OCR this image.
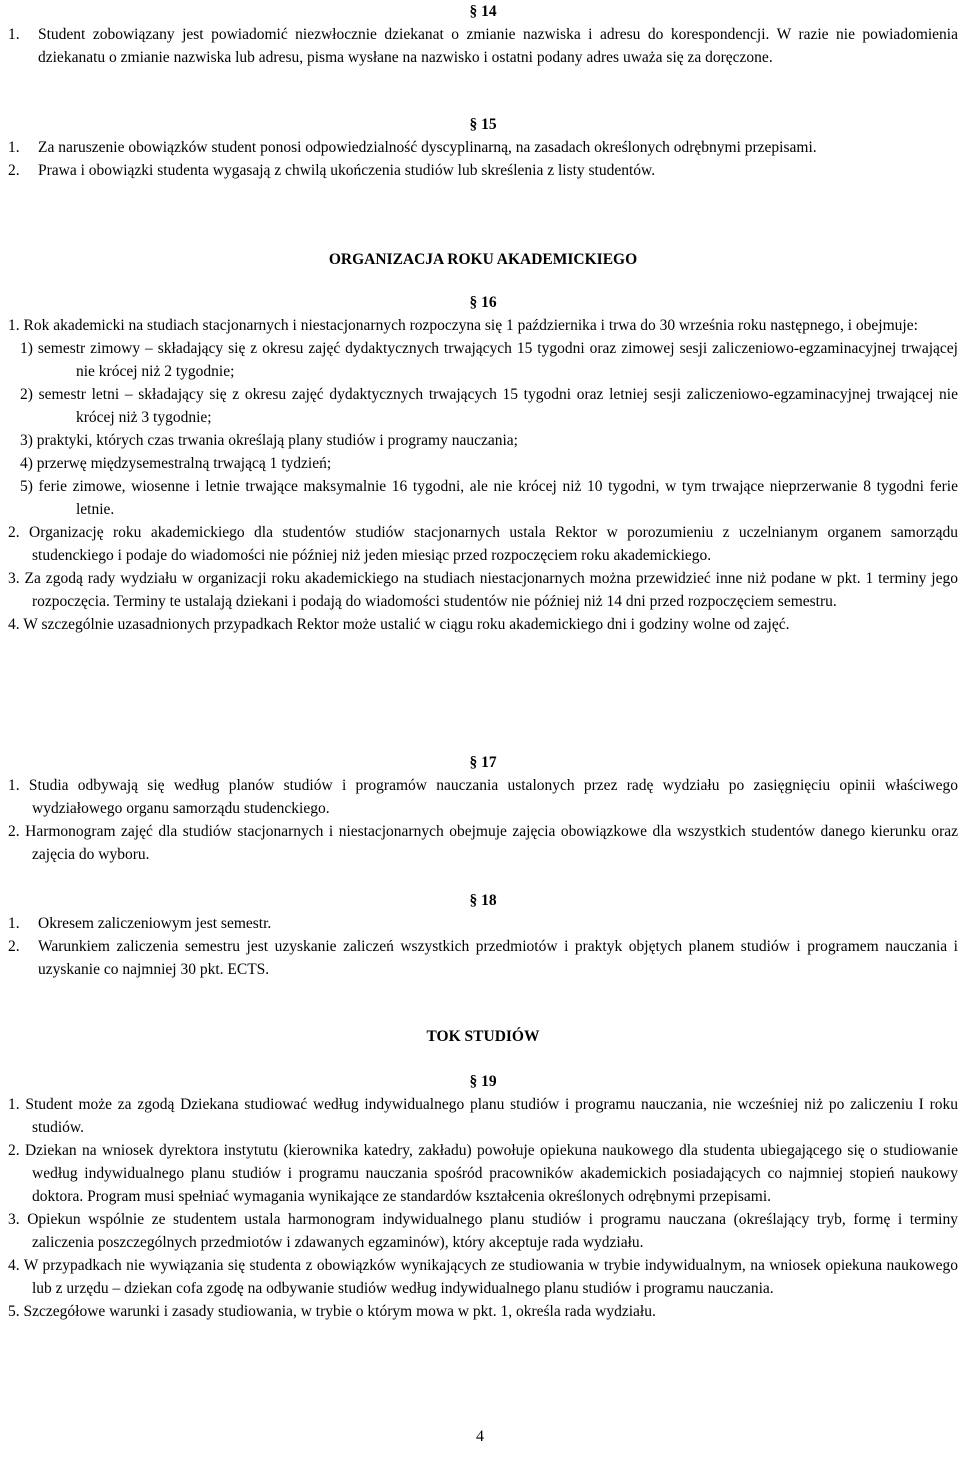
§ 14
1.	Student zobowiązany jest powiadomić niezwłocznie dziekanat o zmianie nazwiska i adresu do korespondencji. W razie nie powiadomienia dziekanatu o zmianie nazwiska lub adresu, pisma wysłane na nazwisko i ostatni podany adres uważa się za doręczone.
§ 15
1.	Za naruszenie obowiązków student ponosi odpowiedzialność dyscyplinarną, na zasadach określonych odrębnymi przepisami.
2.	Prawa i obowiązki studenta wygasają z chwilą ukończenia studiów lub skreślenia z listy studentów.
ORGANIZACJA ROKU AKADEMICKIEGO
§ 16
1. Rok akademicki na studiach stacjonarnych i niestacjonarnych rozpoczyna się 1 października i trwa do 30 września roku następnego, i obejmuje:
1) semestr zimowy – składający się z okresu zajęć dydaktycznych trwających 15 tygodni oraz zimowej sesji zaliczeniowo-egzaminacyjnej trwającej nie krócej niż 2 tygodnie;
2) semestr letni – składający się z okresu zajęć dydaktycznych trwających 15 tygodni oraz letniej sesji zaliczeniowo-egzaminacyjnej trwającej nie krócej niż 3 tygodnie;
3) praktyki, których czas trwania określają plany studiów i programy nauczania;
4) przerwę międzysemestralną trwającą 1 tydzień;
5) ferie zimowe, wiosenne i letnie trwające maksymalnie 16 tygodni, ale nie krócej niż 10 tygodni, w tym trwające nieprzerwanie 8 tygodni ferie letnie.
2. Organizację roku akademickiego dla studentów studiów stacjonarnych ustala Rektor w porozumieniu z uczelnianym organem samorządu studenckiego i podaje do wiadomości nie później niż jeden miesiąc przed rozpoczęciem roku akademickiego.
3. Za zgodą rady wydziału w organizacji roku akademickiego na studiach niestacjonarnych można przewidzieć inne niż podane w pkt. 1 terminy jego rozpoczęcia. Terminy te ustalają dziekani i podają do wiadomości studentów nie później niż 14 dni przed rozpoczęciem semestru.
4. W szczególnie uzasadnionych przypadkach Rektor może ustalić w ciągu roku akademickiego dni i godziny wolne od zajęć.
§ 17
1. Studia odbywają się według planów studiów i programów nauczania ustalonych przez radę wydziału po zasięgnięciu opinii właściwego wydziałowego organu samorządu studenckiego.
2. Harmonogram zajęć dla studiów stacjonarnych i niestacjonarnych obejmuje zajęcia obowiązkowe dla wszystkich studentów danego kierunku oraz zajęcia do wyboru.
§ 18
1.	Okresem zaliczeniowym jest semestr.
2.	Warunkiem zaliczenia semestru jest uzyskanie zaliczeń wszystkich przedmiotów i praktyk objętych planem studiów i programem nauczania i uzyskanie co najmniej 30 pkt. ECTS.
TOK STUDIÓW
§ 19
1. Student może za zgodą Dziekana studiować według indywidualnego planu studiów i programu nauczania, nie wcześniej niż po zaliczeniu I roku studiów.
2. Dziekan na wniosek dyrektora instytutu (kierownika katedry, zakładu) powołuje opiekuna naukowego dla studenta ubiegającego się o studiowanie według indywidualnego planu studiów i programu nauczania spośród pracowników akademickich posiadających co najmniej stopień naukowy doktora. Program musi spełniać wymagania wynikające ze standardów kształcenia określonych odrębnymi przepisami.
3. Opiekun wspólnie ze studentem ustala harmonogram indywidualnego planu studiów i programu nauczana (określający tryb, formę i terminy zaliczenia poszczególnych przedmiotów i zdawanych egzaminów), który akceptuje rada wydziału.
4. W przypadkach nie wywiązania się studenta z obowiązków wynikających ze studiowania w trybie indywidualnym, na wniosek opiekuna naukowego lub z urzędu – dziekan cofa zgodę na odbywanie studiów według indywidualnego planu studiów i programu nauczania.
5. Szczegółowe warunki i zasady studiowania, w trybie o którym mowa w pkt. 1, określa rada wydziału.
4
